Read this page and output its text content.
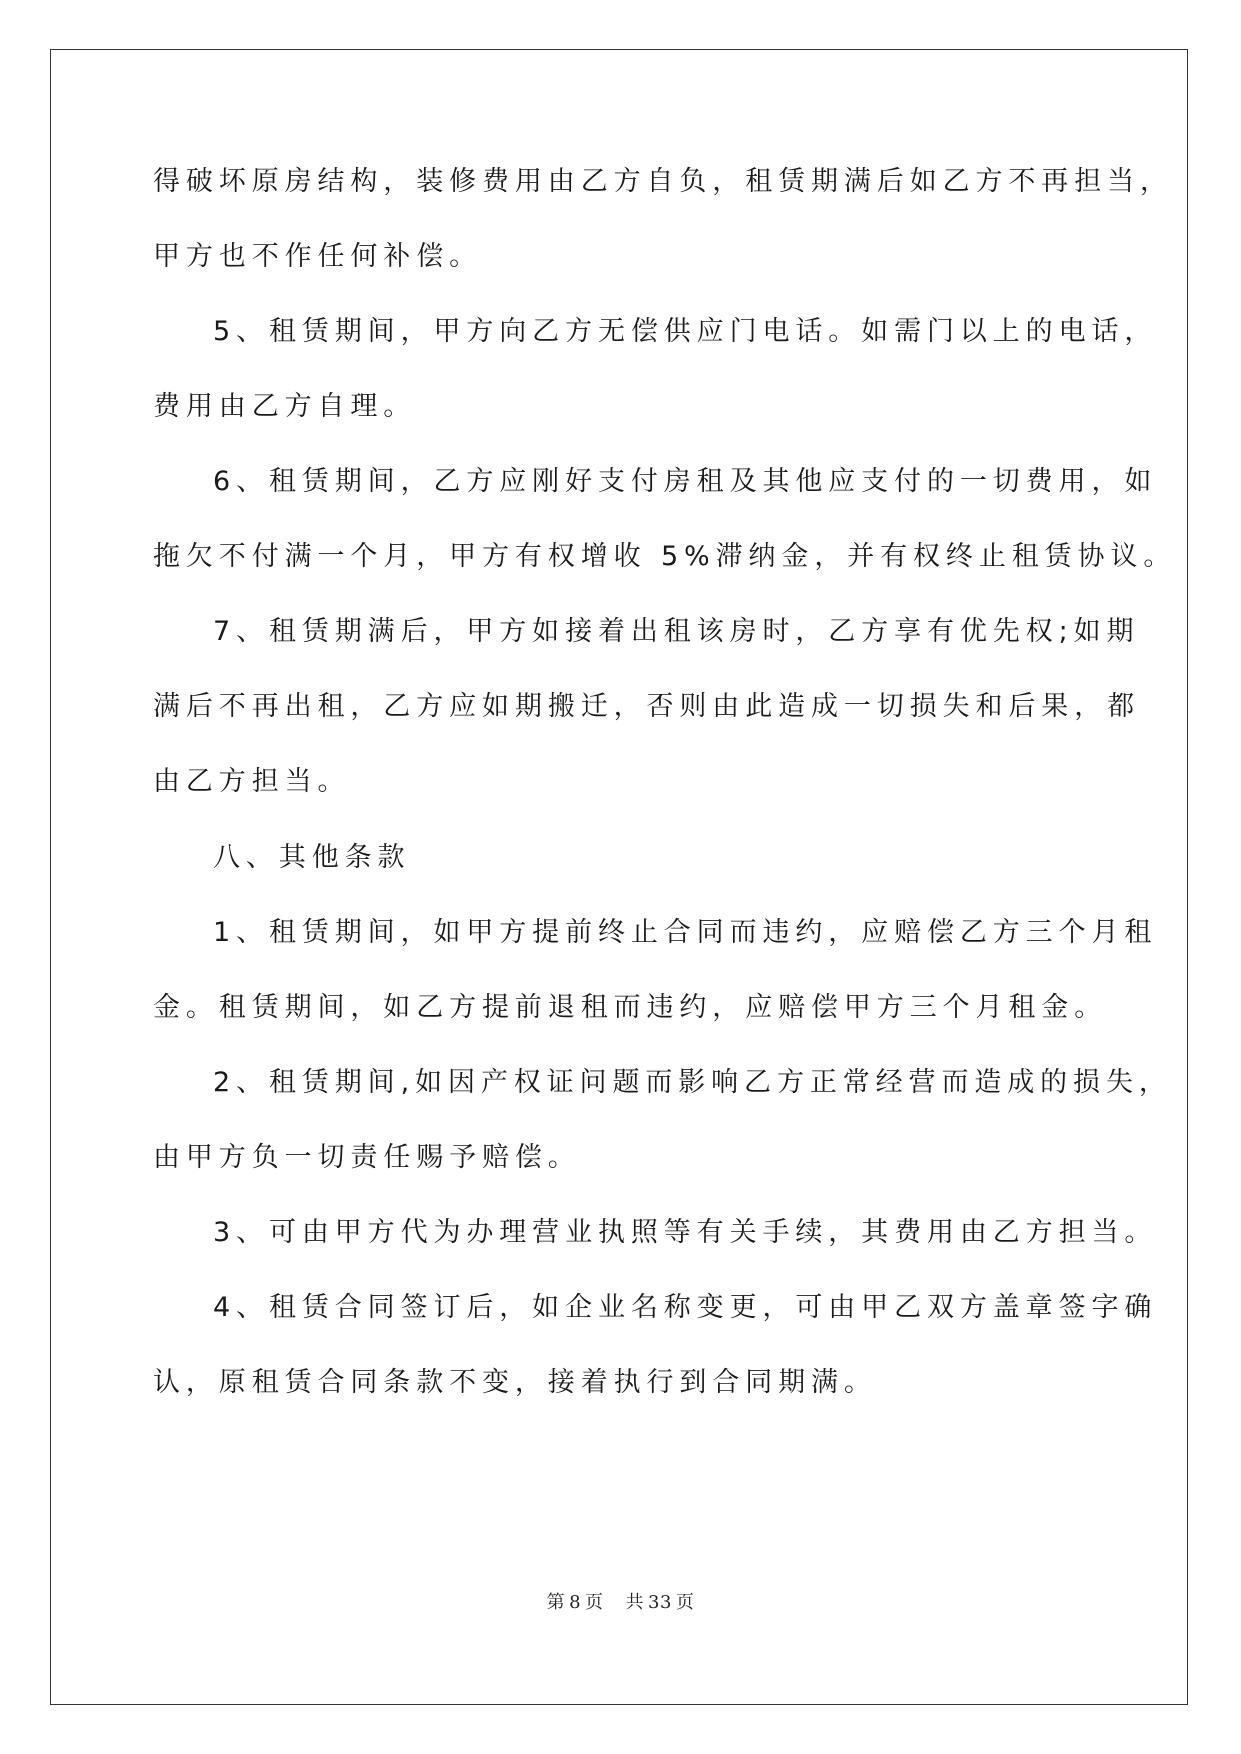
得破坏原房结构，装修费用由乙方自负，租赁期满后如乙方不再担当，
甲方也不作任何补偿。
5、租赁期间，甲方向乙方无偿供应门电话。如需门以上的电话，
费用由乙方自理。
6、租赁期间，乙方应刚好支付房租及其他应支付的一切费用，如
拖欠不付满一个月，甲方有权增收 5%滞纳金，并有权终止租赁协议。
7、租赁期满后，甲方如接着出租该房时，乙方享有优先权;如期
满后不再出租，乙方应如期搬迁，否则由此造成一切损失和后果，都
由乙方担当。
八、其他条款
1、租赁期间，如甲方提前终止合同而违约，应赔偿乙方三个月租
金。租赁期间，如乙方提前退租而违约，应赔偿甲方三个月租金。
2、租赁期间,如因产权证问题而影响乙方正常经营而造成的损失，
由甲方负一切责任赐予赔偿。
3、可由甲方代为办理营业执照等有关手续，其费用由乙方担当。
4、租赁合同签订后，如企业名称变更，可由甲乙双方盖章签字确
认，原租赁合同条款不变，接着执行到合同期满。
第 8 页 共 33 页
